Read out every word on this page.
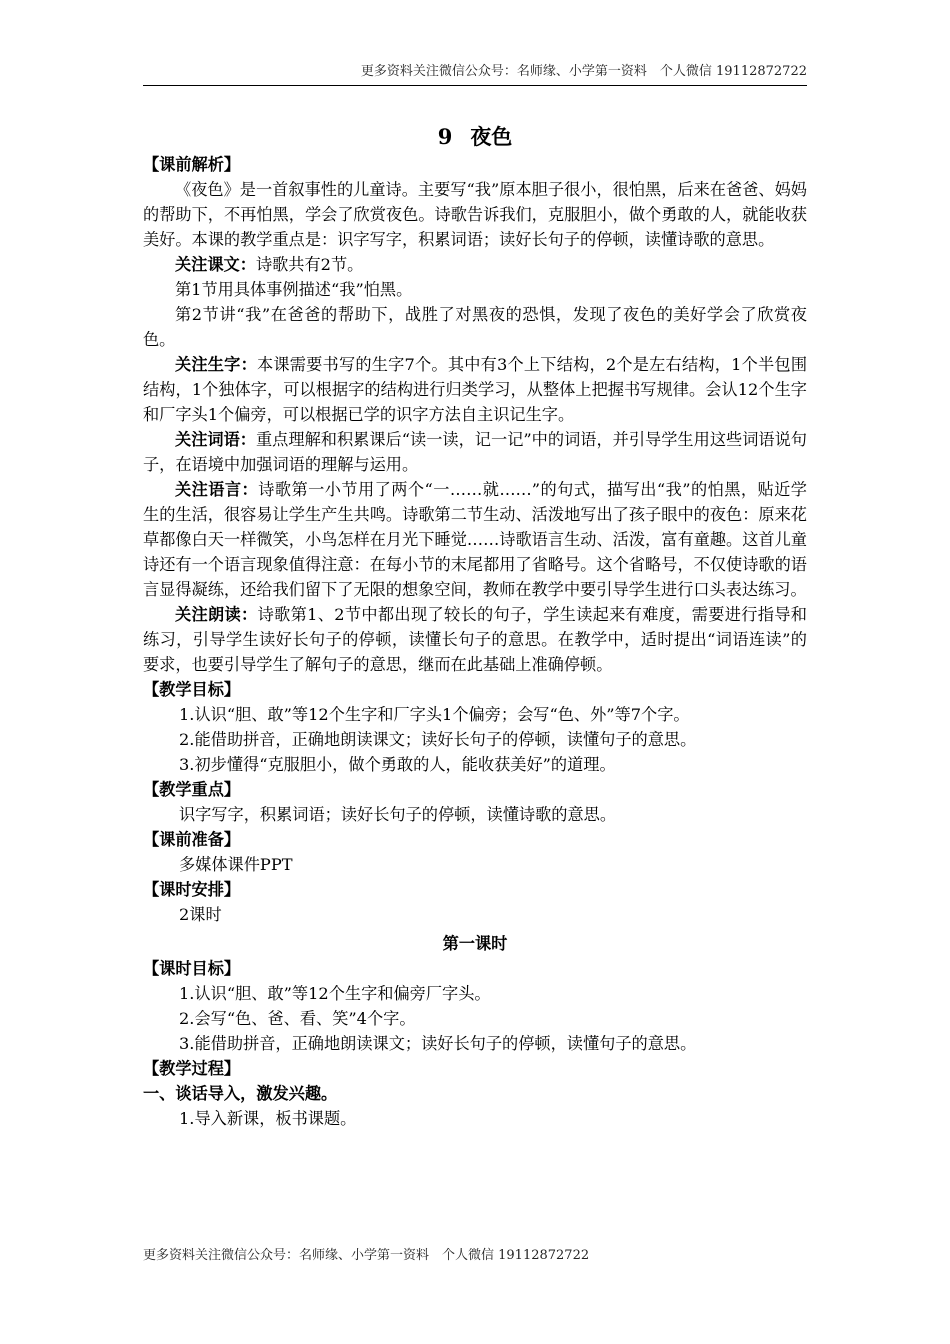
更多资料关注微信公众号：名师缘、小学第一资料　个人微信 19112872722
9 夜色

【课前解析】

《夜色》是一首叙事性的儿童诗。主要写“我”原本胆子很小，很怕黑，后来在爸爸、妈妈的帮助下，不再怕黑，学会了欣赏夜色。诗歌告诉我们，克服胆小，做个勇敢的人，就能收获美好。本课的教学重点是：识字写字，积累词语；读好长句子的停顿，读懂诗歌的意思。

关注课文：诗歌共有2节。

第1节用具体事例描述“我”怕黑。

第2节讲“我”在爸爸的帮助下，战胜了对黑夜的恐惧，发现了夜色的美好学会了欣赏夜色。

关注生字：本课需要书写的生字7个。其中有3个上下结构，2个是左右结构，1个半包围结构，1个独体字，可以根据字的结构进行归类学习，从整体上把握书写规律。会认12个生字和厂字头1个偏旁，可以根据已学的识字方法自主识记生字。

关注词语：重点理解和积累课后“读一读，记一记”中的词语，并引导学生用这些词语说句子，在语境中加强词语的理解与运用。

关注语言：诗歌第一小节用了两个“一……就……”的句式，描写出“我”的怕黑，贴近学生的生活，很容易让学生产生共鸣。诗歌第二节生动、活泼地写出了孩子眼中的夜色：原来花草都像白天一样微笑，小鸟怎样在月光下睡觉……诗歌语言生动、活泼，富有童趣。这首儿童诗还有一个语言现象值得注意：在每小节的末尾都用了省略号。这个省略号，不仅使诗歌的语言显得凝练，还给我们留下了无限的想象空间，教师在教学中要引导学生进行口头表达练习。

关注朗读：诗歌第1、2节中都出现了较长的句子，学生读起来有难度，需要进行指导和练习，引导学生读好长句子的停顿，读懂长句子的意思。在教学中，适时提出“词语连读”的要求，也要引导学生了解句子的意思，继而在此基础上准确停顿。

【教学目标】

1.认识“胆、敢”等12个生字和厂字头1个偏旁；会写“色、外”等7个字。

2.能借助拼音，正确地朗读课文；读好长句子的停顿，读懂句子的意思。

3.初步懂得“克服胆小，做个勇敢的人，能收获美好”的道理。

【教学重点】

识字写字，积累词语；读好长句子的停顿，读懂诗歌的意思。

【课前准备】

多媒体课件PPT

【课时安排】

2课时

第一课时

【课时目标】

1.认识“胆、敢”等12个生字和偏旁厂字头。

2.会写“色、爸、看、笑”4个字。

3.能借助拼音，正确地朗读课文；读好长句子的停顿，读懂句子的意思。

【教学过程】

一、谈话导入，激发兴趣。

1.导入新课，板书课题。

更多资料关注微信公众号：名师缘、小学第一资料　个人微信 19112872722
